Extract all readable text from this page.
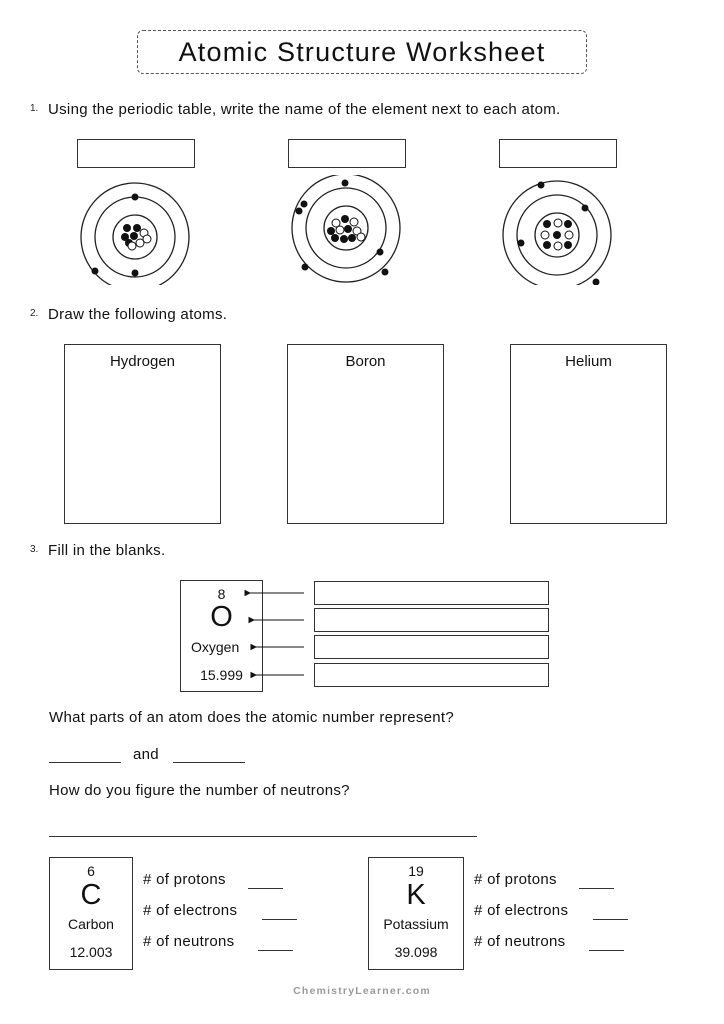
Atomic Structure Worksheet
1. Using the periodic table, write the name of the element next to each atom.
2. Draw the following atoms.
Hydrogen	Boron	Helium
3. Fill in the blanks.
8
O
Oxygen
15.999
What parts of an atom does the atomic number represent?
and
How do you figure the number of neutrons?
6
C
Carbon
12.003
# of protons
# of electrons
# of neutrons
19
K
Potassium
39.098
# of protons
# of electrons
# of neutrons
ChemistryLearner.com
